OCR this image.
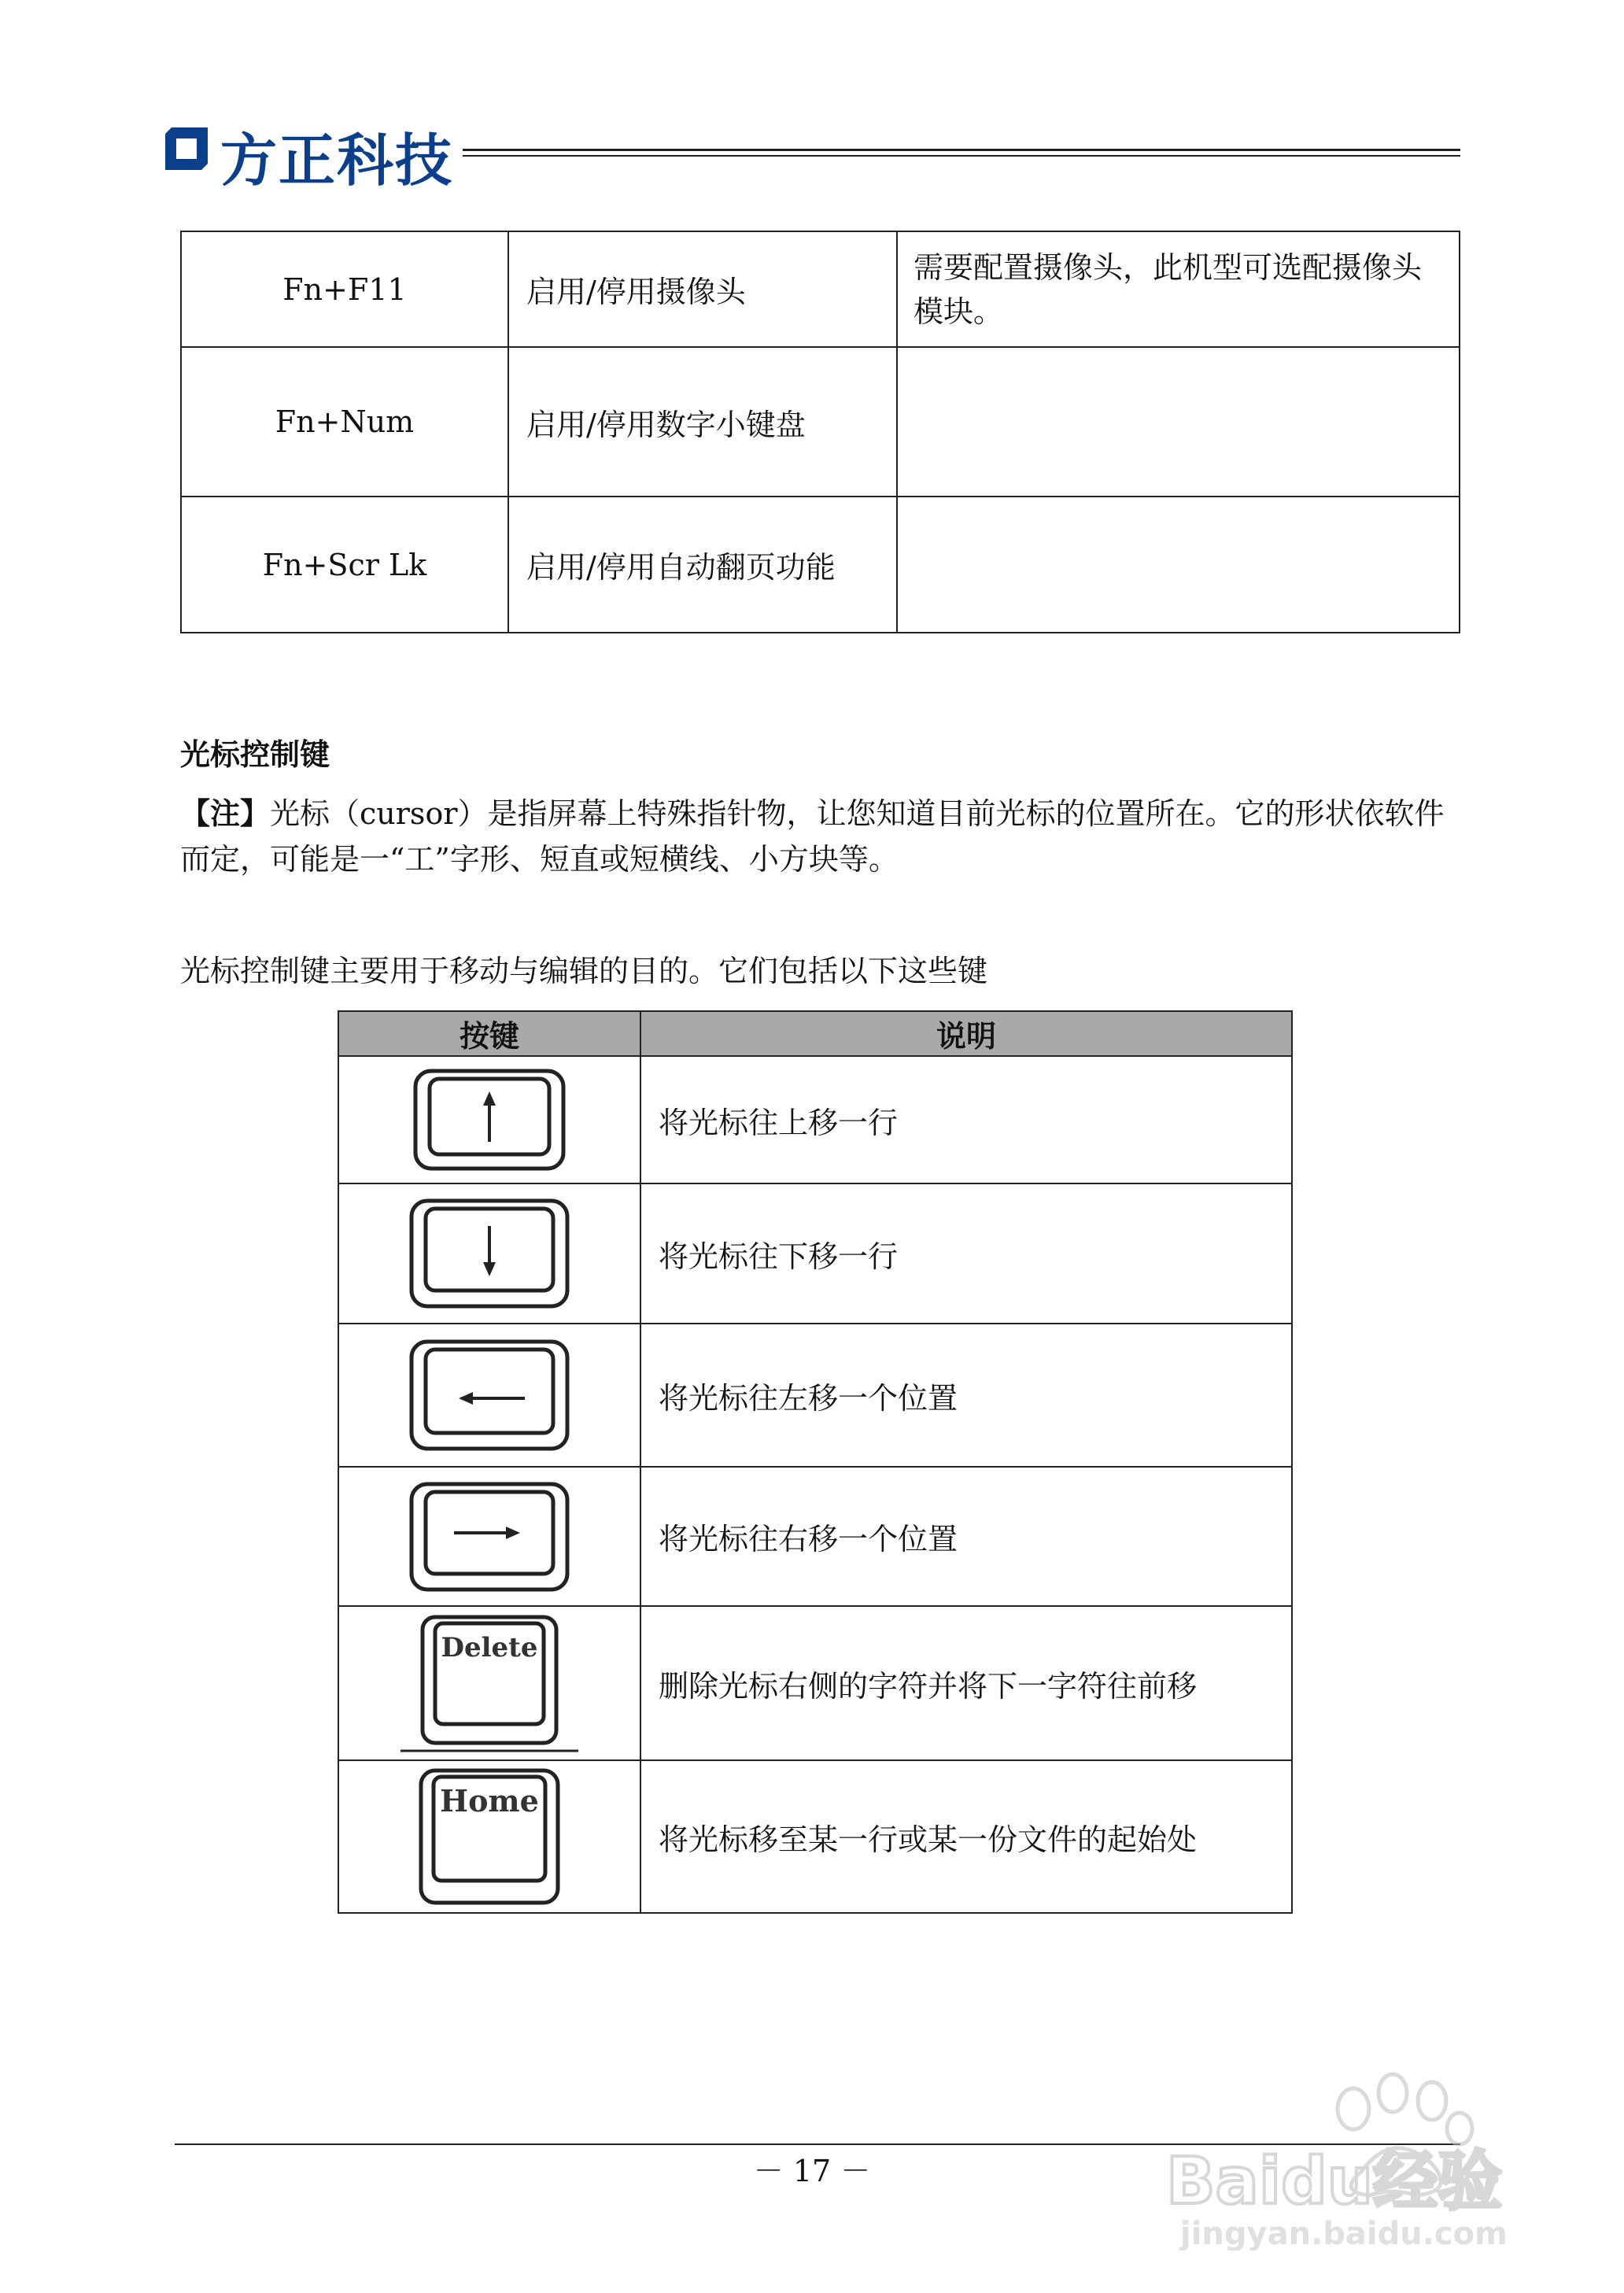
方正科技
Fn+F11	启用/停用摄像头	需要配置摄像头，此机型可选配摄像头模块。
Fn+Num	启用/停用数字小键盘	
Fn+Scr Lk	启用/停用自动翻页功能	
光标控制键
【注】光标（cursor）是指屏幕上特殊指针物，让您知道目前光标的位置所在。它的形状依软件而定，可能是一“工”字形、短直或短横线、小方块等。
光标控制键主要用于移动与编辑的目的。它们包括以下这些键
按键	说明

	将光标往上移一行

	将光标往下移一行

	将光标往左移一个位置

	将光标往右移一个位置

Delete	删除光标右侧的字符并将下一字符往前移

Home	将光标移至某一行或某一份文件的起始处
－ 17 －	Baidu经验
jingyan.baidu.com
